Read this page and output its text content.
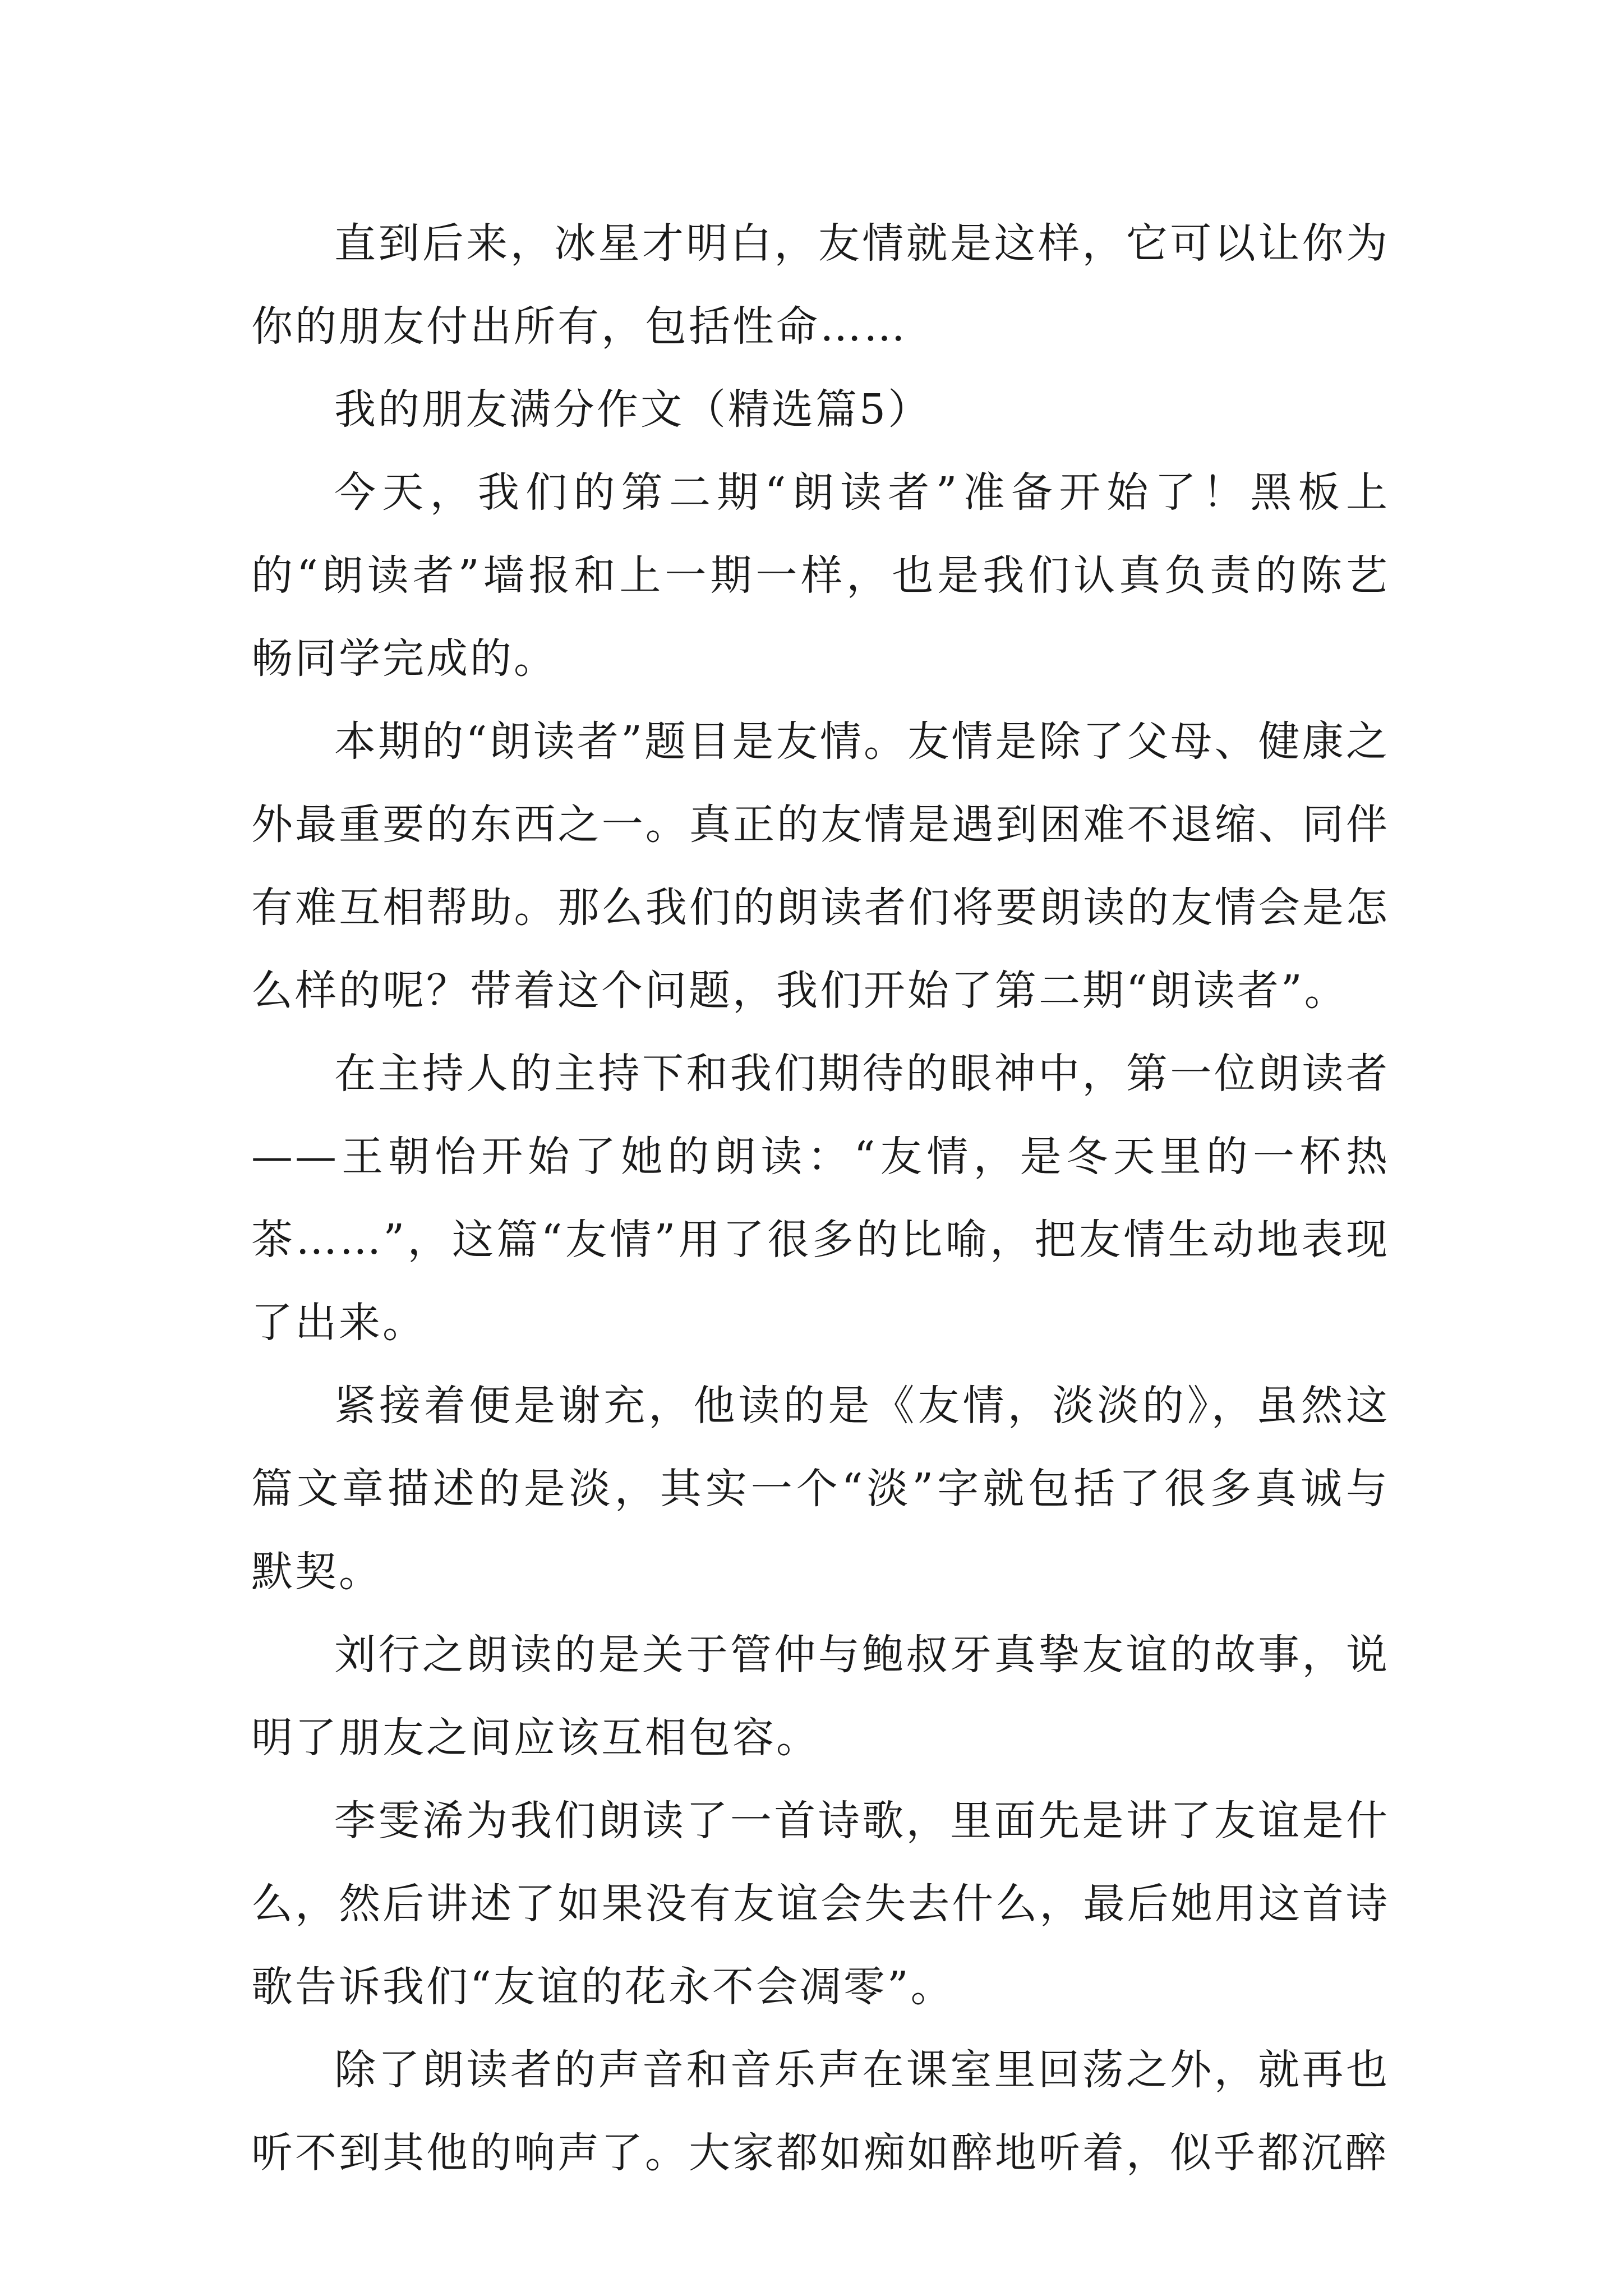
直到后来，冰星才明白，友情就是这样，它可以让你为你的朋友付出所有，包括性命……

我的朋友满分作文（精选篇5）

今天，我们的第二期“朗读者”准备开始了！黑板上的“朗读者”墙报和上一期一样，也是我们认真负责的陈艺畅同学完成的。

本期的“朗读者”题目是友情。友情是除了父母、健康之外最重要的东西之一。真正的友情是遇到困难不退缩、同伴有难互相帮助。那么我们的朗读者们将要朗读的友情会是怎么样的呢？带着这个问题，我们开始了第二期“朗读者”。

在主持人的主持下和我们期待的眼神中，第一位朗读者——王朝怡开始了她的朗读：“友情，是冬天里的一杯热茶……”，这篇“友情”用了很多的比喻，把友情生动地表现了出来。

紧接着便是谢充，他读的是《友情，淡淡的》，虽然这篇文章描述的是淡，其实一个“淡”字就包括了很多真诚与默契。

刘行之朗读的是关于管仲与鲍叔牙真挚友谊的故事，说明了朋友之间应该互相包容。

李雯浠为我们朗读了一首诗歌，里面先是讲了友谊是什么，然后讲述了如果没有友谊会失去什么，最后她用这首诗歌告诉我们“友谊的花永不会凋零”。

除了朗读者的声音和音乐声在课室里回荡之外，就再也听不到其他的响声了。大家都如痴如醉地听着，似乎都沉醉
